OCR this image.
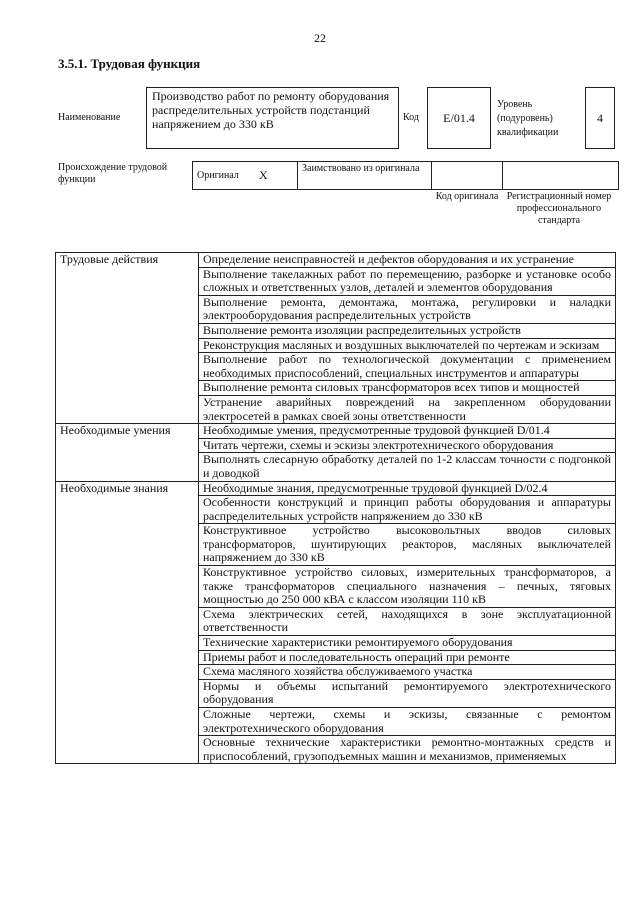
22
3.5.1. Трудовая функция
Наименование
Производство работ по ремонту оборудования распределительных устройств подстанций напряжением до 330 кВ	Код E/01.4
Уровень (подуровень) квалификации
4
Происхождение трудовой функции	Оригинал	X	Заимствовано из оригинала		
Код оригинала Регистрационный номер профессионального стандарта
Трудовые действия	Определение неисправностей и дефектов оборудования и их устранение
	Выполнение такелажных работ по перемещению, разборке и установке особо сложных и ответственных узлов, деталей и элементов оборудования
	Выполнение ремонта, демонтажа, монтажа, регулировки и наладки электрооборудования распределительных устройств
	Выполнение ремонта изоляции распределительных устройств
	Реконструкция масляных и воздушных выключателей по чертежам и эскизам
	Выполнение работ по технологической документации с применением необходимых приспособлений, специальных инструментов и аппаратуры
	Выполнение ремонта силовых трансформаторов всех типов и мощностей
	Устранение аварийных повреждений на закрепленном оборудовании электросетей в рамках своей зоны ответственности
Необходимые умения	Необходимые умения, предусмотренные трудовой функцией D/01.4
	Читать чертежи, схемы и эскизы электротехнического оборудования
	Выполнять слесарную обработку деталей по 1-2 классам точности с подгонкой и доводкой
Необходимые знания	Необходимые знания, предусмотренные трудовой функцией D/02.4
	Особенности конструкций и принцип работы оборудования и аппаратуры распределительных устройств напряжением до 330 кВ
	Конструктивное устройство высоковольтных вводов силовых трансформаторов, шунтирующих реакторов, масляных выключателей напряжением до 330 кВ
	Конструктивное устройство силовых, измерительных трансформаторов, а также трансформаторов специального назначения – печных, тяговых мощностью до 250 000 кВА с классом изоляции 110 кВ
	Схема электрических сетей, находящихся в зоне эксплуатационной ответственности
	Технические характеристики ремонтируемого оборудования
	Приемы работ и последовательность операций при ремонте
	Схема масляного хозяйства обслуживаемого участка
	Нормы и объемы испытаний ремонтируемого электротехнического оборудования
	Сложные чертежи, схемы и эскизы, связанные с ремонтом электротехнического оборудования
	Основные технические характеристики ремонтно-монтажных средств и приспособлений, грузоподъемных машин и механизмов, применяемых
